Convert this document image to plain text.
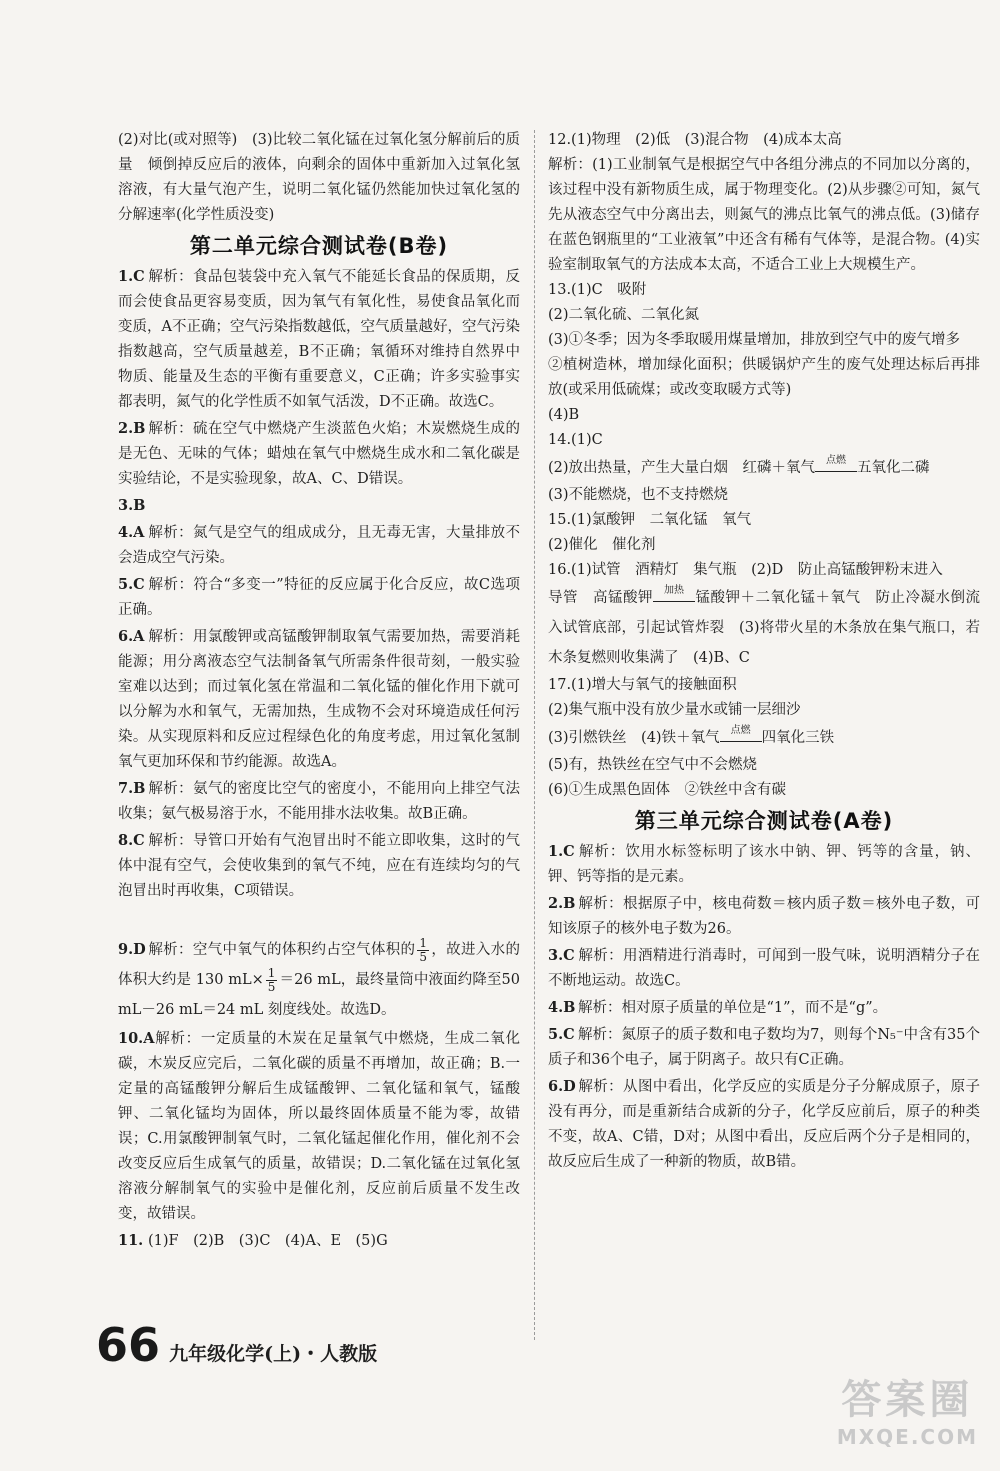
(2)对比(或对照等)　(3)比较二氧化锰在过氧化氢分解前后的质量　倾倒掉反应后的液体，向剩余的固体中重新加入过氧化氢溶液，有大量气泡产生，说明二氧化锰仍然能加快过氧化氢的分解速率(化学性质没变)
第二单元综合测试卷(B卷)
1.C 解析：食品包装袋中充入氧气不能延长食品的保质期，反而会使食品更容易变质，因为氧气有氧化性，易使食品氧化而变质，A不正确；空气污染指数越低，空气质量越好，空气污染指数越高，空气质量越差，B不正确；氧循环对维持自然界中物质、能量及生态的平衡有重要意义，C正确；许多实验事实都表明，氮气的化学性质不如氧气活泼，D不正确。故选C。
2.B 解析：硫在空气中燃烧产生淡蓝色火焰；木炭燃烧生成的是无色、无味的气体；蜡烛在氧气中燃烧生成水和二氧化碳是实验结论，不是实验现象，故A、C、D错误。
3.B
4.A 解析：氮气是空气的组成成分，且无毒无害，大量排放不会造成空气污染。
5.C 解析：符合“多变一”特征的反应属于化合反应，故C选项正确。
6.A 解析：用氯酸钾或高锰酸钾制取氧气需要加热，需要消耗能源；用分离液态空气法制备氧气所需条件很苛刻，一般实验室难以达到；而过氧化氢在常温和二氧化锰的催化作用下就可以分解为水和氧气，无需加热，生成物不会对环境造成任何污染。从实现原料和反应过程绿色化的角度考虑，用过氧化氢制氧气更加环保和节约能源。故选A。
7.B 解析：氨气的密度比空气的密度小，不能用向上排空气法收集；氨气极易溶于水，不能用排水法收集。故B正确。
8.C 解析：导管口开始有气泡冒出时不能立即收集，这时的气体中混有空气，会使收集到的氧气不纯，应在有连续均匀的气泡冒出时再收集，C项错误。

9.D 解析：空气中氧气的体积约占空气体积的 $\frac{1}{5}$ ，故进入水的体积大约是 130 $mL\times \frac{1}{5} =26$ mL，最终量筒中液面约降至50 mL－26 mL＝24 mL 刻度线处。故选D。

10.A解析：一定质量的木炭在足量氧气中燃烧，生成二氧化碳，木炭反应完后，二氧化碳的质量不再增加，故正确；B.一定量的高锰酸钾分解后生成锰酸钾、二氧化锰和氧气，锰酸钾、二氧化锰均为固体，所以最终固体质量不能为零，故错误；C.用氯酸钾制氧气时，二氧化锰起催化作用，催化剂不会改变反应后生成氧气的质量，故错误；D.二氧化锰在过氧化氢溶液分解制氧气的实验中是催化剂，反应前后质量不发生改变，故错误。
11. (1)F　(2)B　(3)C　(4)A、E　(5)G
12.(1)物理　(2)低　(3)混合物　(4)成本太高
解析：(1)工业制氧气是根据空气中各组分沸点的不同加以分离的，该过程中没有新物质生成，属于物理变化。(2)从步骤②可知，氮气先从液态空气中分离出去，则氮气的沸点比氧气的沸点低。(3)储存在蓝色钢瓶里的“工业液氧”中还含有稀有气体等，是混合物。(4)实验室制取氧气的方法成本太高，不适合工业上大规模生产。
13.(1)C　吸附
(2)二氧化硫、二氧化氮
(3)①冬季；因为冬季取暖用煤量增加，排放到空气中的废气增多
②植树造林，增加绿化面积；供暖锅炉产生的废气处理达标后再排放(或采用低硫煤；或改变取暖方式等)
(4)B
14.(1)C
(2)放出热量，产生大量白烟　红磷＋氧气	点燃 五氧化二磷
(3)不能燃烧，也不支持燃烧
15.(1)氯酸钾　二氧化锰　氧气
(2)催化　催化剂
16.(1)试管　酒精灯　集气瓶　(2)D　防止高锰酸钾粉末进入
导管　高锰酸钾	加热 锰酸钾＋二氧化锰＋氧气　防止冷凝水倒流入试管底部，引起试管炸裂　(3)将带火星的木条放在集气瓶口，若木条复燃则收集满了　(4)B、C
17.(1)增大与氧气的接触面积
(2)集气瓶中没有放少量水或铺一层细沙
(3)引燃铁丝　(4)铁＋氧气	点燃 四氧化三铁
(5)有，热铁丝在空气中不会燃烧
(6)①生成黑色固体　②铁丝中含有碳
第三单元综合测试卷(A卷)
1.C 解析：饮用水标签标明了该水中钠、钾、钙等的含量，钠、钾、钙等指的是元素。
2.B 解析：根据原子中，核电荷数＝核内质子数＝核外电子数，可知该原子的核外电子数为26。
3.C 解析：用酒精进行消毒时，可闻到一股气味，说明酒精分子在不断地运动。故选C。
4.B 解析：相对原子质量的单位是“1”，而不是“g”。
5.C 解析：氮原子的质子数和电子数均为7，则每个N₅⁻中含有35个质子和36个电子，属于阴离子。故只有C正确。
6.D 解析：从图中看出，化学反应的实质是分子分解成原子，原子没有再分，而是重新结合成新的分子，化学反应前后，原子的种类不变，故A、C错，D对；从图中看出，反应后两个分子是相同的，故反应后生成了一种新的物质，故B错。
66 九年级化学(上)・人教版
答案圈
MXQE.COM
